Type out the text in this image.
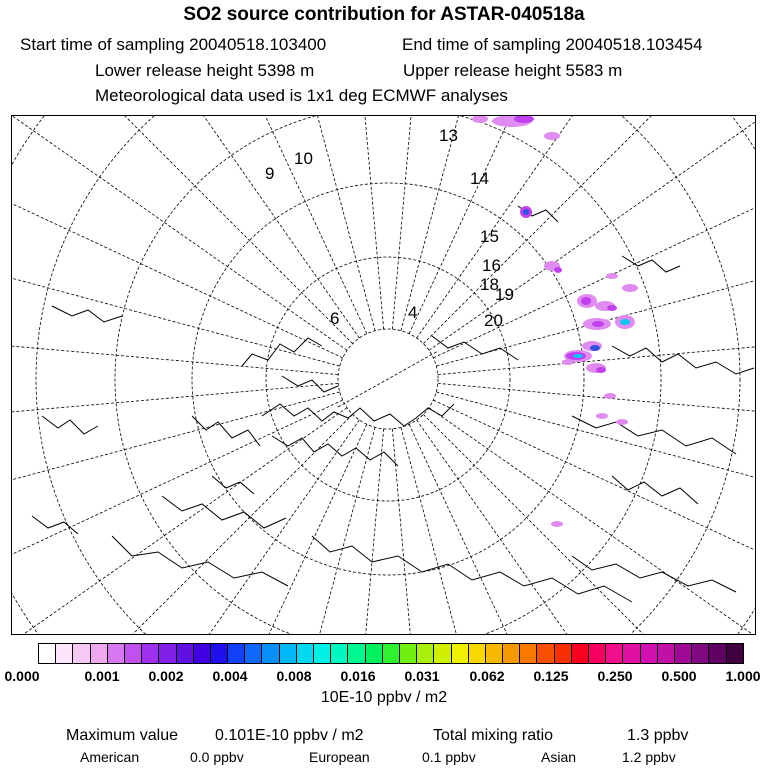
SO2 source contribution for ASTAR-040518a
Start time of sampling 20040518.103400	End time of sampling 20040518.103454
Lower release height 5398 m	Upper release height 5583 m
Meteorological data used is 1x1 deg ECMWF analyses
13
14
15
16
18
19
20
4
6
9
10
0.000	0.001 0.002 0.004 0.008 0.016 0.031 0.062 0.125 0.250 0.500 1.000
10E-10 ppbv / m2
Maximum value 0.101E-10 ppbv / m2	Total mixing ratio	1.3 ppbv
American	0.0 ppbv	European	0.1 ppbv	Asian	1.2 ppbv
